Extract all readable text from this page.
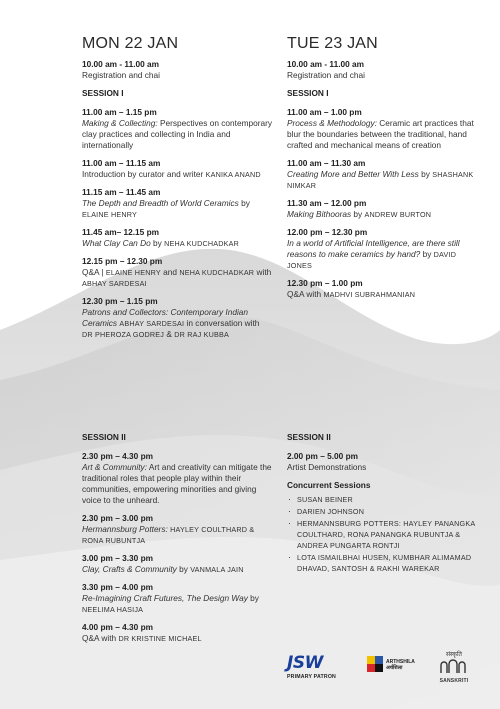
MON 22 JAN
10.00 am - 11.00 am
Registration and chai
SESSION I
11.00 am – 1.15 pm
Making & Collecting: Perspectives on contemporary clay practices and collecting in India and internationally
11.00 am – 11.15 am
Introduction by curator and writer KANIKA ANAND
11.15 am – 11.45 am
The Depth and Breadth of World Ceramics by ELAINE HENRY
11.45 am– 12.15 pm
What Clay Can Do by NEHA KUDCHADKAR
12.15 pm – 12.30 pm
Q&A | ELAINE HENRY and NEHA KUDCHADKAR with ABHAY SARDESAI
12.30 pm – 1.15 pm
Patrons and Collectors: Contemporary Indian Ceramics ABHAY SARDESAI in conversation with DR PHEROZA GODREJ & DR RAJ KUBBA
SESSION II
2.30 pm – 4.30 pm
Art & Community: Art and creativity can mitigate the traditional roles that people play within their communities, empowering minorities and giving voice to the unheard.
2.30 pm – 3.00 pm
Hermannsburg Potters: HAYLEY COULTHARD & RONA RUBUNTJA
3.00 pm – 3.30 pm
Clay, Crafts & Community by VANMALA JAIN
3.30 pm – 4.00 pm
Re-Imagining Craft Futures, The Design Way by NEELIMA HASIJA
4.00 pm – 4.30 pm
Q&A with DR KRISTINE MICHAEL
TUE 23 JAN
10.00 am - 11.00 am
Registration and chai
SESSION I
11.00 am – 1.00 pm
Process & Methodology: Ceramic art practices that blur the boundaries between the traditional, hand crafted and mechanical means of creation
11.00 am – 11.30 am
Creating More and Better With Less by SHASHANK NIMKAR
11.30 am – 12.00 pm
Making Bithooras by ANDREW BURTON
12.00 pm – 12.30 pm
In a world of Artificial Intelligence, are there still reasons to make ceramics by hand? by DAVID JONES
12.30 pm – 1.00 pm
Q&A with MADHVI SUBRAHMANIAN
SESSION II
2.00 pm – 5.00 pm
Artist Demonstrations
Concurrent Sessions
· SUSAN BEINER
· DARIEN JOHNSON
· HERMANNSBURG POTTERS: HAYLEY PANANGKA COULTHARD, RONA PANANGKA RUBUNTJA & ANDREA PUNGARTA RONTJI
· LOTA ISMAILBHAI HUSEN, KUMBHAR ALIMAMAD DHAVAD, SANTOSH & RAKHI WAREKAR
JSW
PRIMARY PATRON
ARTHSHILA
अर्थशिला
संस्कृति
SANSKRITI
